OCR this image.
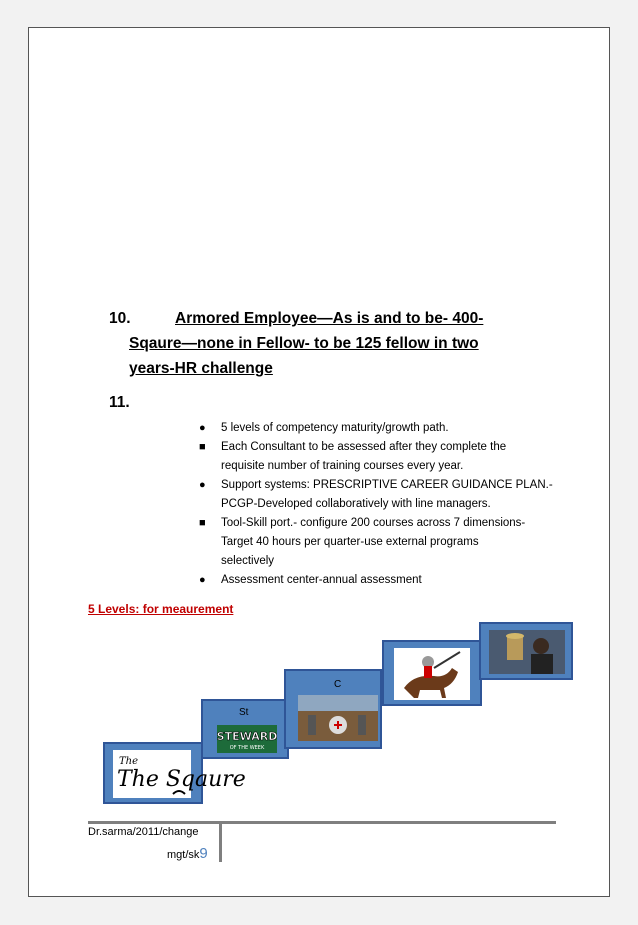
10.	Armored Employee—As is and to be- 400-
Sqaure—none in Fellow- to be 125 fellow in two
years-HR challenge
11.
● 5 levels of competency maturity/growth path.
■ Each Consultant to be assessed after they complete the
requisite number of training courses every year.
● Support systems: PRESCRIPTIVE CAREER GUIDANCE PLAN.-
PCGP-Developed collaboratively with line managers.
■ Tool-Skill port.- configure 200 courses across 7 dimensions-
Target 40 hours per quarter-use external programs
selectively
● Assessment center-annual assessment
5 Levels: for meaurement
The
The Sqaure
St
STEWARD
OF THE WEEK
C
Dr.sarma/2011/change
mgt/sk9
